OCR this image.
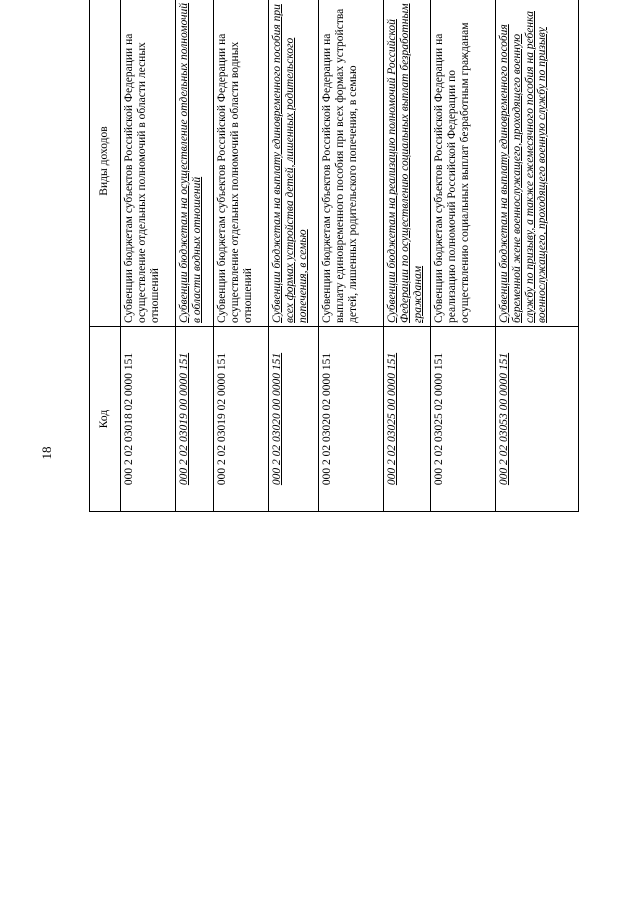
18
Код	Виды доходов			
000 2 02 03018 02 0000 151	Субвенции бюджетам субъектов Российской Федерации на осуществление отдельных полномочий в области лесных отношений			
000 2 02 03019 00 0000 151	Субвенции бюджетам на осуществление отдельных полномочий в области водных отношений			
000 2 02 03019 02 0000 151	Субвенции бюджетам субъектов Российской Федерации на осуществление отдельных полномочий в области водных отношений			
000 2 02 03020 00 0000 151	Субвенции бюджетам на выплату единовременного пособия при всех формах устройства детей, лишенных родительского попечения, в семью			
000 2 02 03020 02 0000 151	Субвенции бюджетам субъектов Российской Федерации на выплату единовременного пособия при всех формах устройства детей, лишенных родительского попечения, в семью			
000 2 02 03025 00 0000 151	Субвенции бюджетам на реализацию полномочий Российской Федерации по осуществлению социальных выплат безработным гражданам			
000 2 02 03025 02 0000 151	Субвенции бюджетам субъектов Российской Федерации на реализацию полномочий Российской Федерации по осуществлению социальных выплат безработным гражданам			
000 2 02 03053 00 0000 151	Субвенции бюджетам на выплату единовременного пособия беременной жене военнослужащего, проходящего военную службу по призыву, а также ежемесячного пособия на ребенка военнослужащего, проходящего военную службу по призыву			
